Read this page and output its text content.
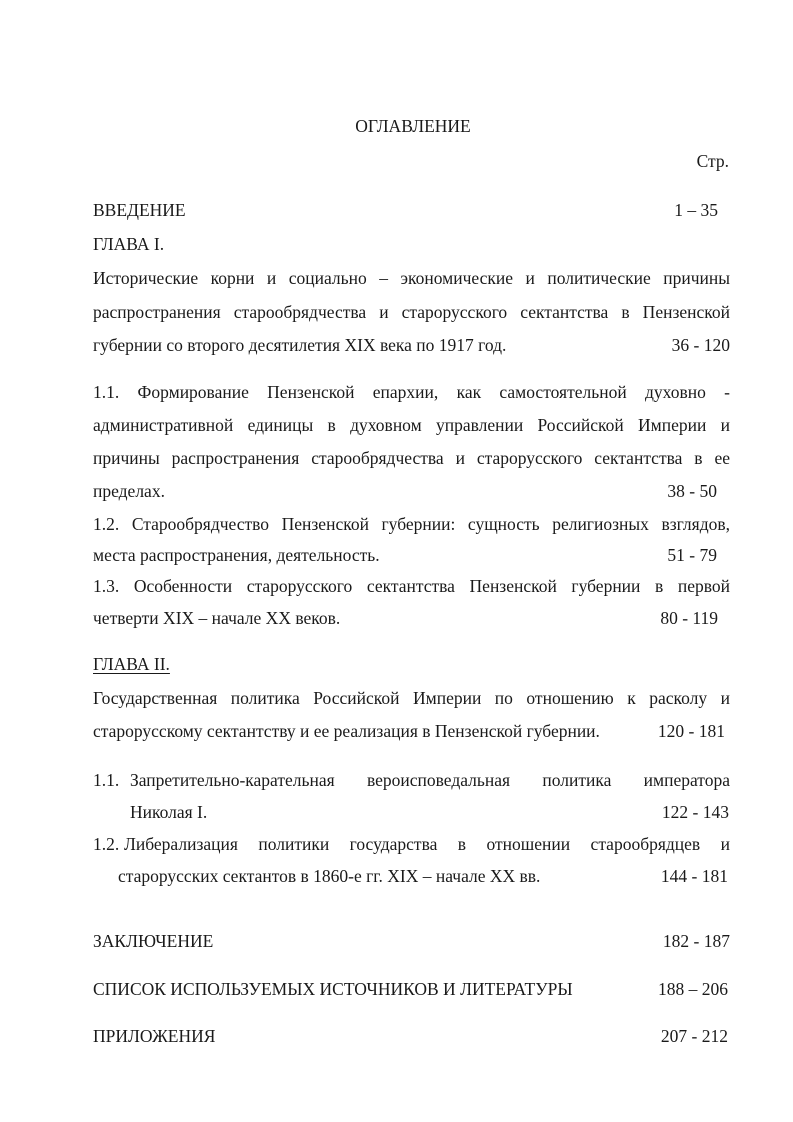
ОГЛАВЛЕНИЕ
Стр.
ВВЕДЕНИЕ	1 – 35
ГЛАВА I.
Исторические корни и социально – экономические и политические причины
распространения старообрядчества и старорусского сектантства в Пензенской
губернии со второго десятилетия XIX века по 1917 год.	36 - 120
1.1. Формирование Пензенской епархии, как самостоятельной духовно -
административной единицы в духовном управлении Российской Империи и
причины распространения старообрядчества и старорусского сектантства в ее
пределах.	38 - 50
1.2. Старообрядчество Пензенской губернии: сущность религиозных взглядов,
места распространения, деятельность.	51 - 79
1.3. Особенности старорусского сектантства Пензенской губернии в первой
четверти XIX – начале XX веков.	80 - 119
ГЛАВА II.
Государственная политика Российской Империи по отношению к расколу и
старорусскому сектантству и ее реализация в Пензенской губернии.	120 - 181
1.1. Запретительно-карательная вероисповедальная политика императора
Николая I.	122 - 143
1.2. Либерализация политики государства в отношении старообрядцев и
старорусских сектантов в 1860-е гг. XIX – начале XX вв.	144 - 181
ЗАКЛЮЧЕНИЕ	182 - 187
СПИСОК ИСПОЛЬЗУЕМЫХ ИСТОЧНИКОВ И ЛИТЕРАТУРЫ	188 – 206
ПРИЛОЖЕНИЯ	207 - 212
